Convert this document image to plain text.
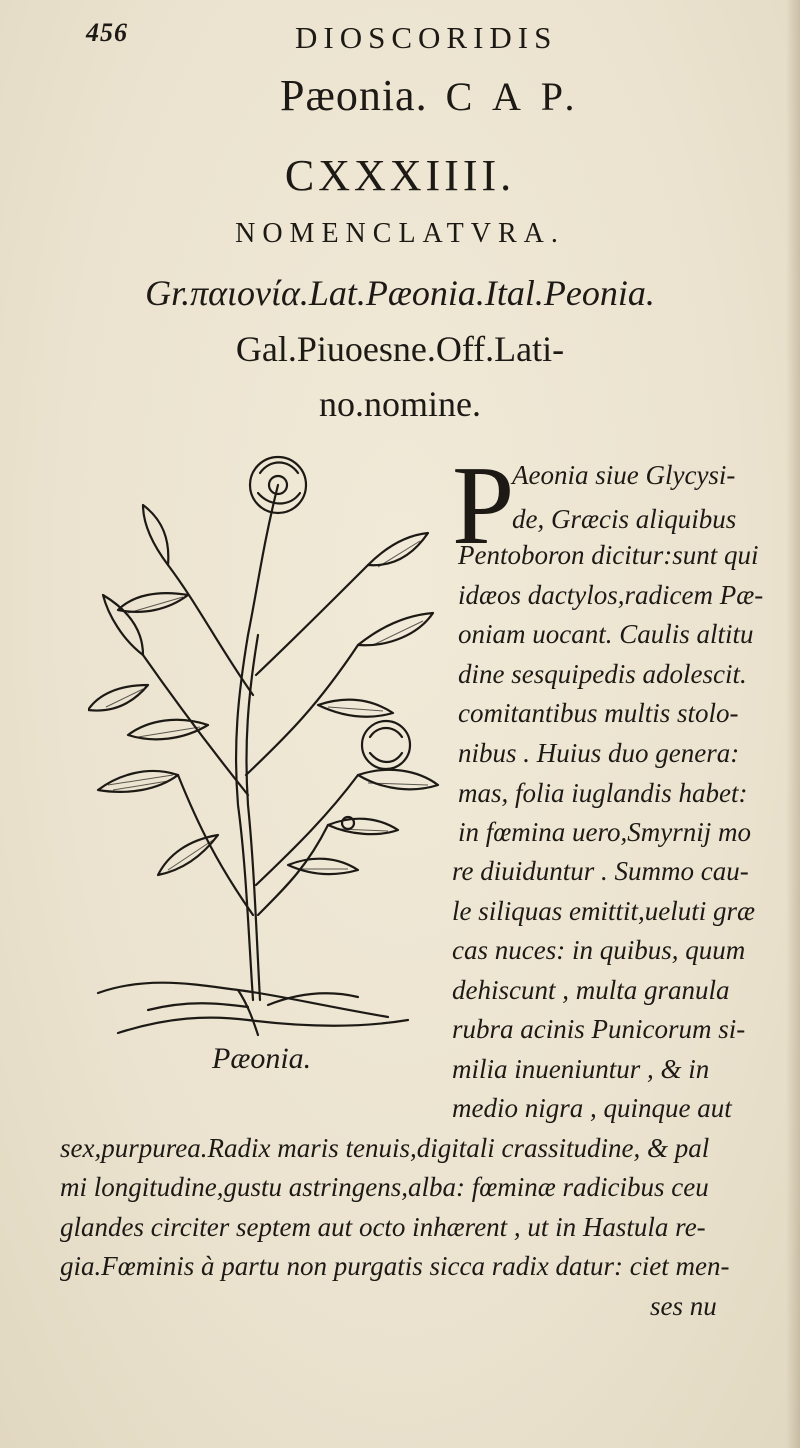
456	DIOSCORIDIS
Pæonia. C A P.
CXXXIIII.
NOMENCLATVRA.
Gr.παιονία.Lat.Pæonia.Ital.Peonia.
Gal.Piuoesne.Off.Lati-
no.nomine.
Pæonia.
P
Aeonia siue Glycysi-
de, Græcis aliquibus
Pentoboron dicitur:sunt qui
idæos dactylos,radicem Pæ-
oniam uocant. Caulis altitu
dine sesquipedis adolescit.
comitantibus multis stolo-
nibus . Huius duo genera:
mas, folia iuglandis habet:
in fœmina uero,Smyrnij mo
re diuiduntur . Summo cau-
le siliquas emittit,ueluti græ
cas nuces: in quibus, quum
dehiscunt , multa granula
rubra acinis Punicorum si-
milia inueniuntur , & in
medio nigra , quinque aut
sex,purpurea.Radix maris tenuis,digitali crassitudine, & pal
mi longitudine,gustu astringens,alba: fœminæ radicibus ceu
glandes circiter septem aut octo inhærent , ut in Hastula re-
gia.Fœminis à partu non purgatis sicca radix datur: ciet men-
ses nu
